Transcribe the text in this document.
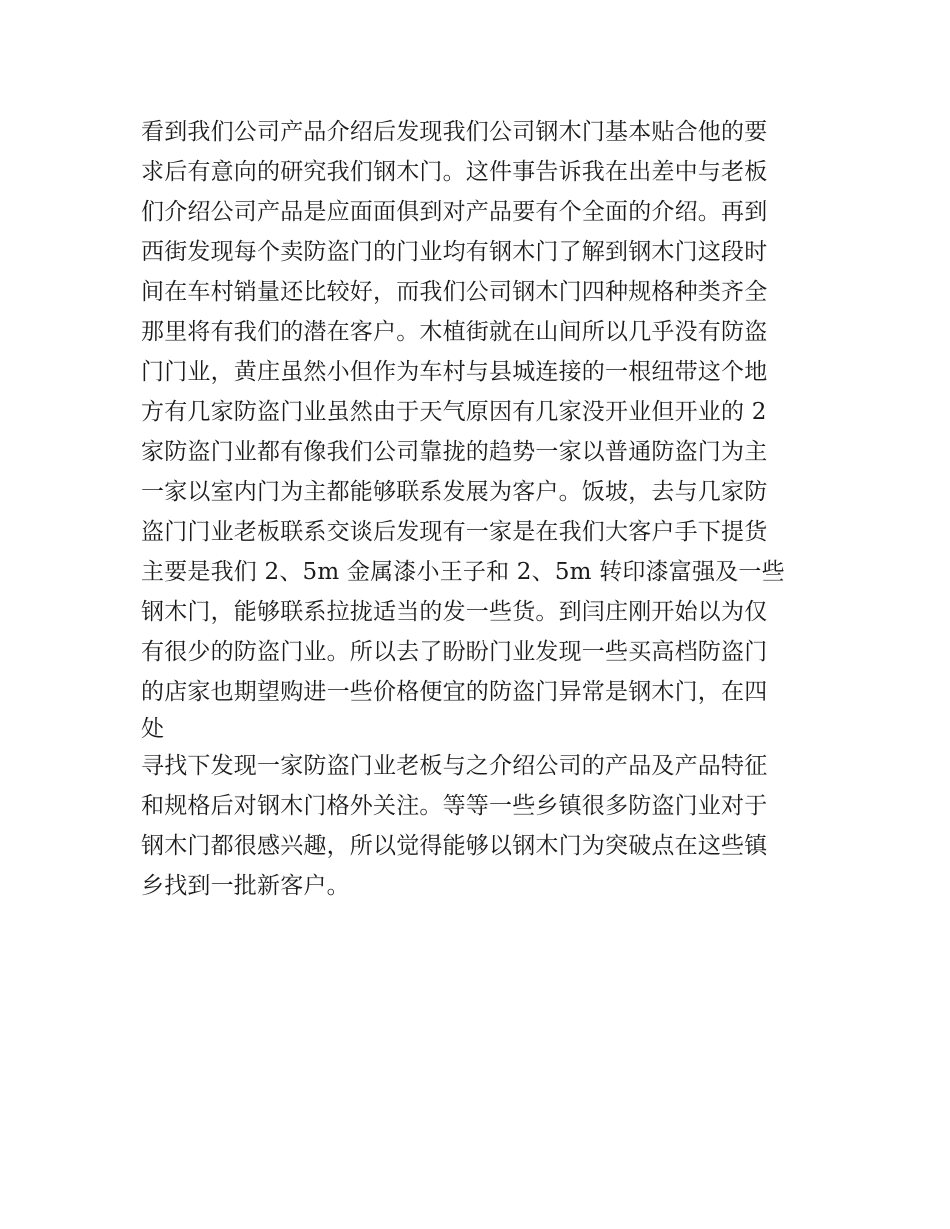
看到我们公司产品介绍后发现我们公司钢木门基本贴合他的要
求后有意向的研究我们钢木门。这件事告诉我在出差中与老板
们介绍公司产品是应面面俱到对产品要有个全面的介绍。再到
西街发现每个卖防盗门的门业均有钢木门了解到钢木门这段时
间在车村销量还比较好，而我们公司钢木门四种规格种类齐全
那里将有我们的潜在客户。木植街就在山间所以几乎没有防盗
门门业，黄庄虽然小但作为车村与县城连接的一根纽带这个地
方有几家防盗门业虽然由于天气原因有几家没开业但开业的 2
家防盗门业都有像我们公司靠拢的趋势一家以普通防盗门为主
一家以室内门为主都能够联系发展为客户。饭坡，去与几家防
盗门门业老板联系交谈后发现有一家是在我们大客户手下提货
主要是我们 2、5m 金属漆小王子和 2、5m 转印漆富强及一些
钢木门，能够联系拉拢适当的发一些货。到闫庄刚开始以为仅
有很少的防盗门业。所以去了盼盼门业发现一些买高档防盗门
的店家也期望购进一些价格便宜的防盗门异常是钢木门，在四
处
寻找下发现一家防盗门业老板与之介绍公司的产品及产品特征
和规格后对钢木门格外关注。等等一些乡镇很多防盗门业对于
钢木门都很感兴趣，所以觉得能够以钢木门为突破点在这些镇
乡找到一批新客户。
